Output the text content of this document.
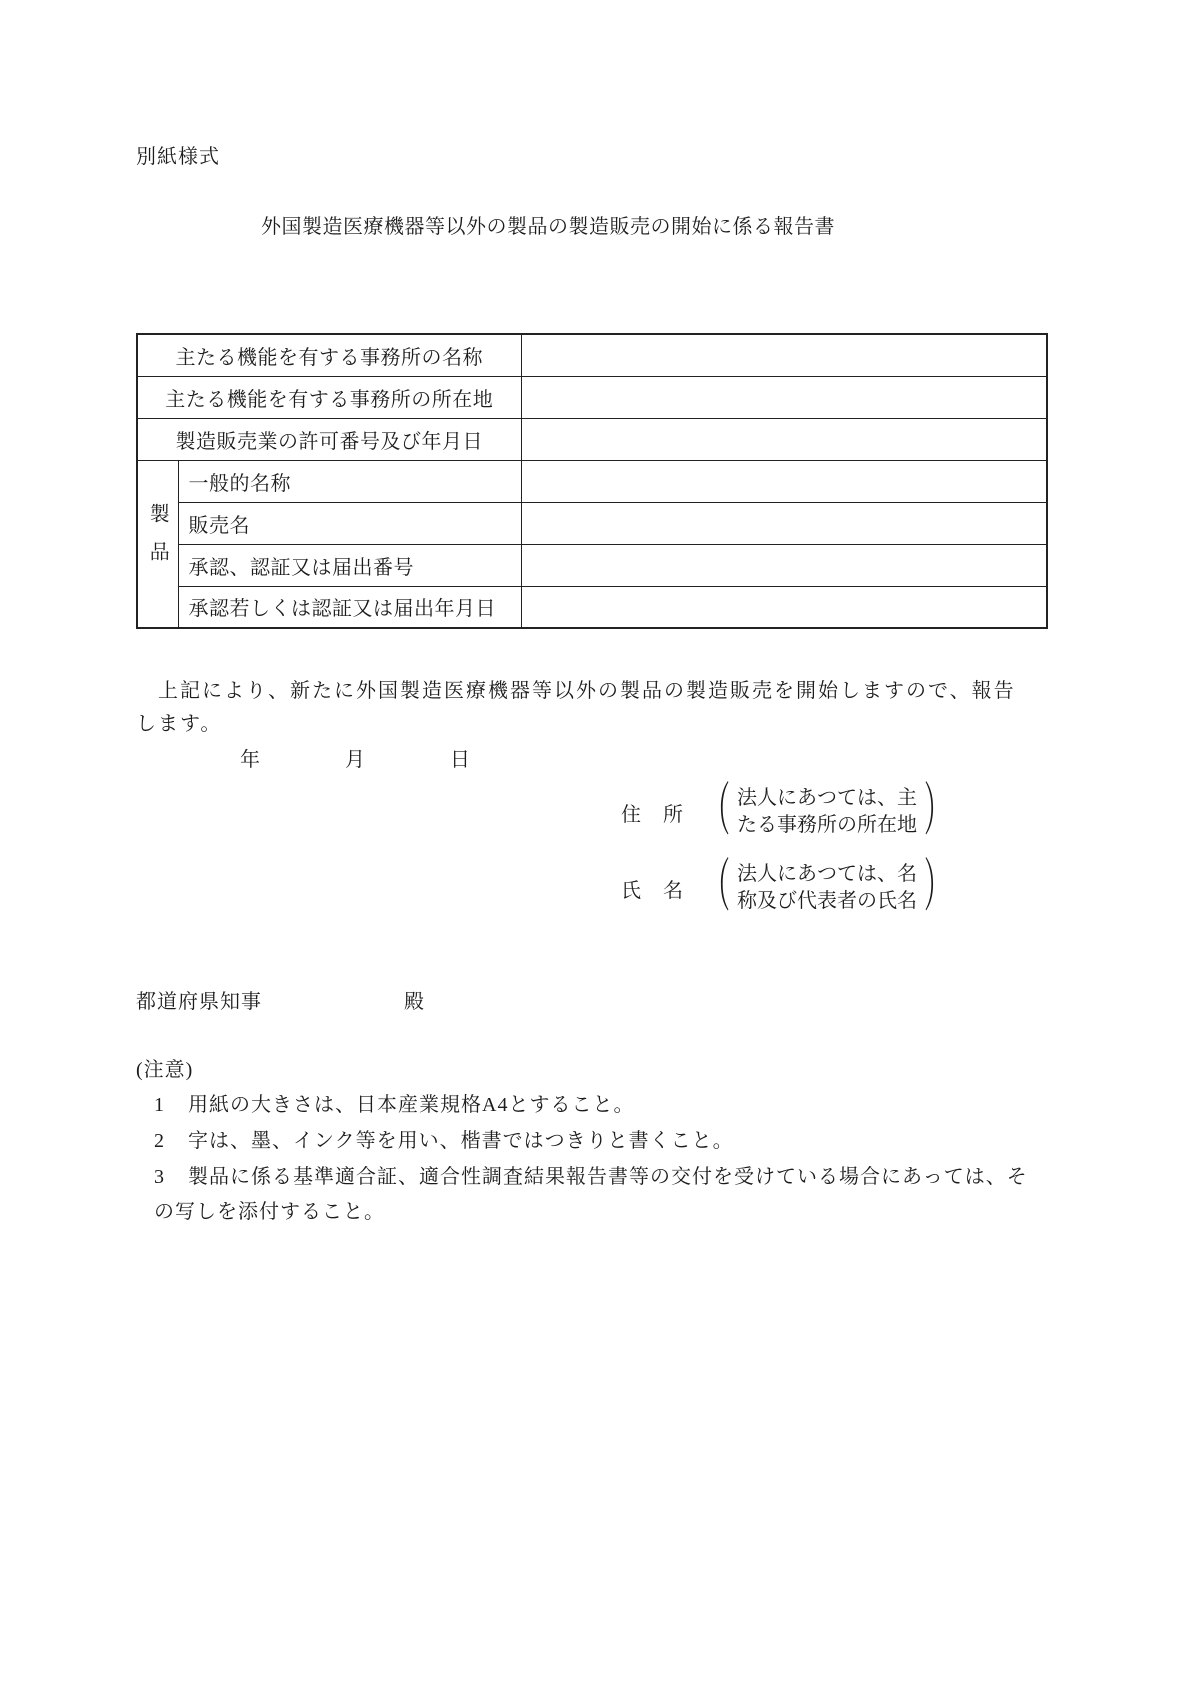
別紙様式
外国製造医療機器等以外の製品の製造販売の開始に係る報告書
主たる機能を有する事務所の名称		
主たる機能を有する事務所の所在地		
製造販売業の許可番号及び年月日		
製品	一般的名称	
	販売名	
	承認、認証又は届出番号	
	承認若しくは認証又は届出年月日	
　上記により、新たに外国製造医療機器等以外の製品の製造販売を開始しますので、報告
します。
年　　　　月　　　　日
住　所 （ 法人にあつては、主
たる事務所の所在地 ）
氏　名 （ 法人にあつては、名
称及び代表者の氏名 ）
都道府県知事	殿
(注意)
1 用紙の大きさは、日本産業規格A4とすること。
2 字は、墨、インク等を用い、楷書ではつきりと書くこと。
3 製品に係る基準適合証、適合性調査結果報告書等の交付を受けている場合にあっては、その写しを添付すること。
